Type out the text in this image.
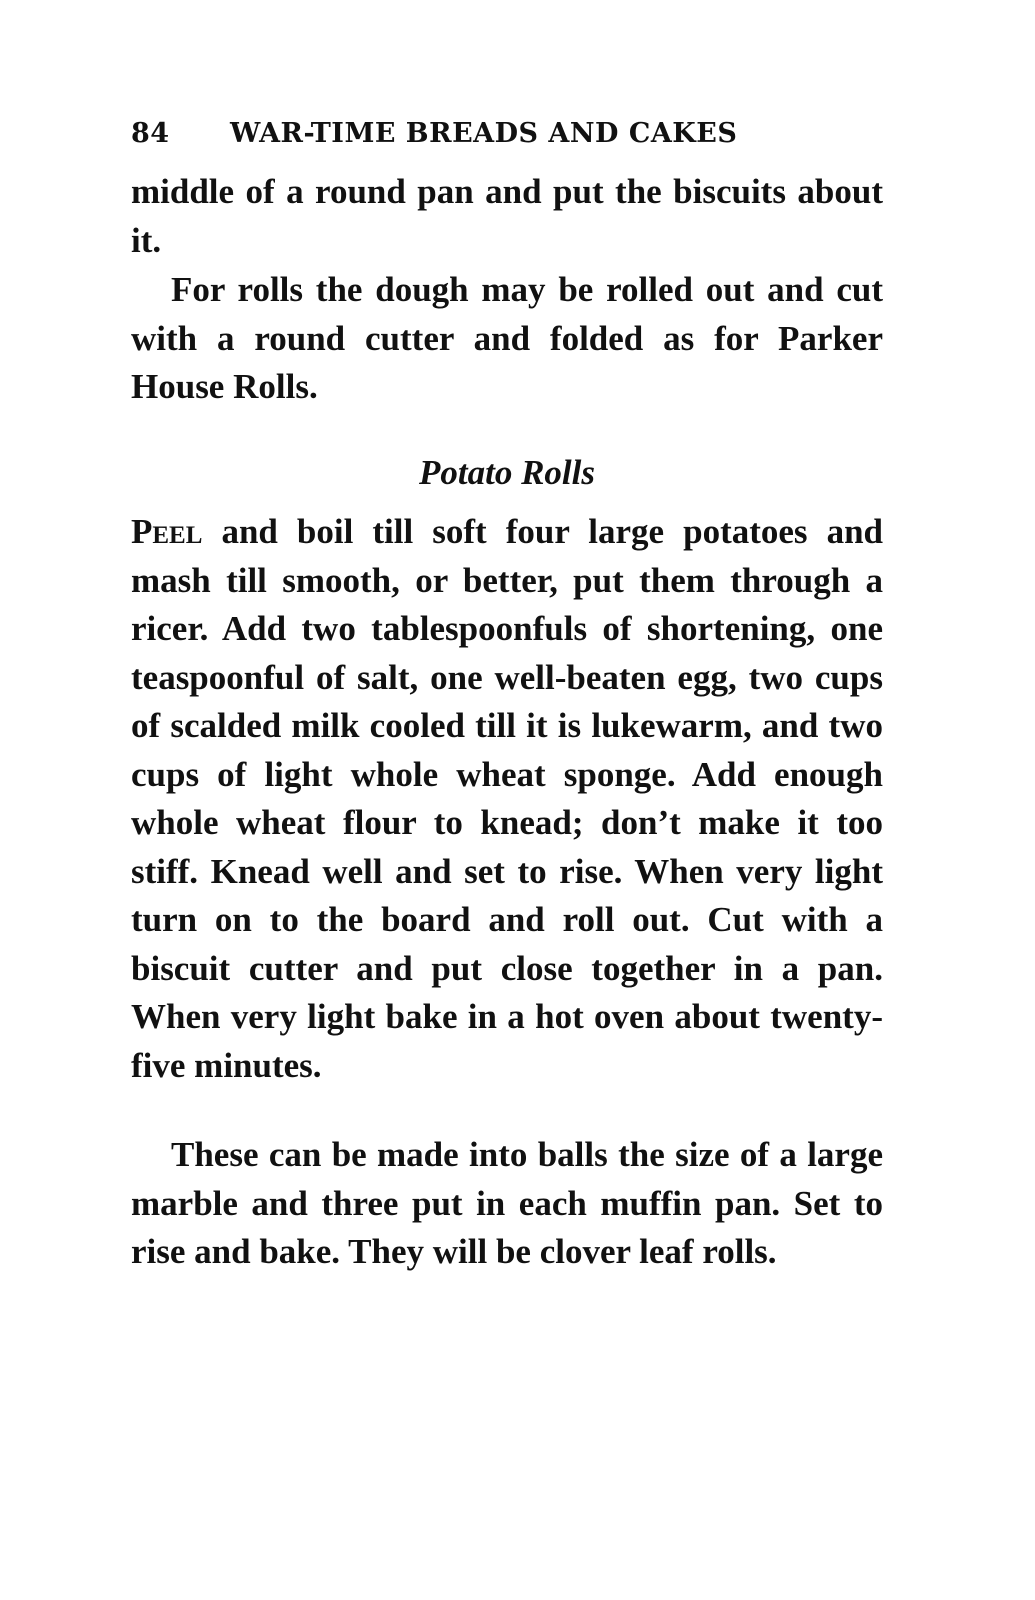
84 WAR-TIME BREADS AND CAKES

middle of a round pan and put the biscuits about it.

For rolls the dough may be rolled out and cut with a round cutter and folded as for Parker House Rolls.

Potato Rolls

Peel and boil till soft four large potatoes and mash till smooth, or better, put them through a ricer. Add two tablespoonfuls of shortening, one teaspoonful of salt, one well-beaten egg, two cups of scalded milk cooled till it is lukewarm, and two cups of light whole wheat sponge. Add enough whole wheat flour to knead; don’t make it too stiff. Knead well and set to rise. When very light turn on to the board and roll out. Cut with a biscuit cutter and put close together in a pan. When very light bake in a hot oven about twenty-five minutes.

These can be made into balls the size of a large marble and three put in each muffin pan. Set to rise and bake. They will be clover leaf rolls.
